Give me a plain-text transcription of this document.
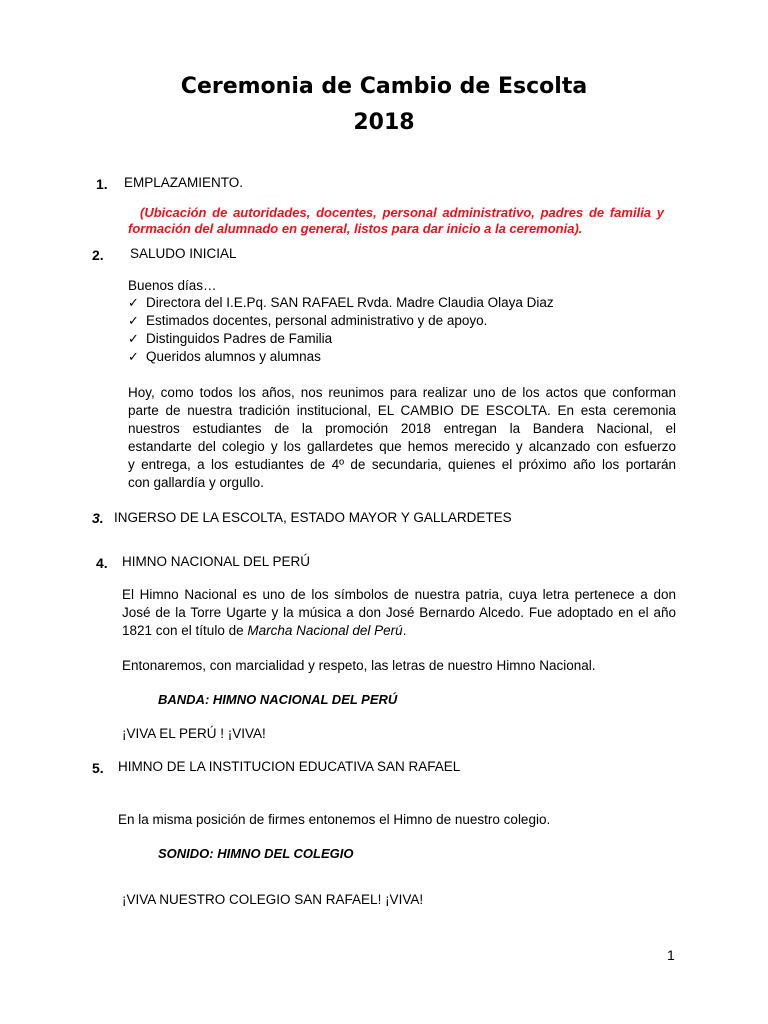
Ceremonia de Cambio de Escolta
2018
1. EMPLAZAMIENTO.
(Ubicación de autoridades, docentes, personal administrativo, padres de familia y
formación del alumnado en general, listos para dar inicio a la ceremonia).
2. SALUDO INICIAL
Buenos días…
✓ Directora del I.E.Pq. SAN RAFAEL Rvda. Madre Claudia Olaya Diaz
✓ Estimados docentes, personal administrativo y de apoyo.
✓ Distinguidos Padres de Familia
✓ Queridos alumnos y alumnas
Hoy, como todos los años, nos reunimos para realizar uno de los actos que conforman
parte de nuestra tradición institucional, EL CAMBIO DE ESCOLTA. En esta ceremonia
nuestros estudiantes de la promoción 2018 entregan la Bandera Nacional, el
estandarte del colegio y los gallardetes que hemos merecido y alcanzado con esfuerzo
y entrega, a los estudiantes de 4º de secundaria, quienes el próximo año los portarán
con gallardía y orgullo.
3. INGERSO DE LA ESCOLTA, ESTADO MAYOR Y GALLARDETES
4. HIMNO NACIONAL DEL PERÚ
El Himno Nacional es uno de los símbolos de nuestra patria, cuya letra pertenece a don
José de la Torre Ugarte y la música a don José Bernardo Alcedo. Fue adoptado en el año
1821 con el título de Marcha Nacional del Perú.
Entonaremos, con marcialidad y respeto, las letras de nuestro Himno Nacional.
BANDA: HIMNO NACIONAL DEL PERÚ
¡VIVA EL PERÚ ! ¡VIVA!
5. HIMNO DE LA INSTITUCION EDUCATIVA SAN RAFAEL
En la misma posición de firmes entonemos el Himno de nuestro colegio.
SONIDO: HIMNO DEL COLEGIO
¡VIVA NUESTRO COLEGIO SAN RAFAEL! ¡VIVA!
1
